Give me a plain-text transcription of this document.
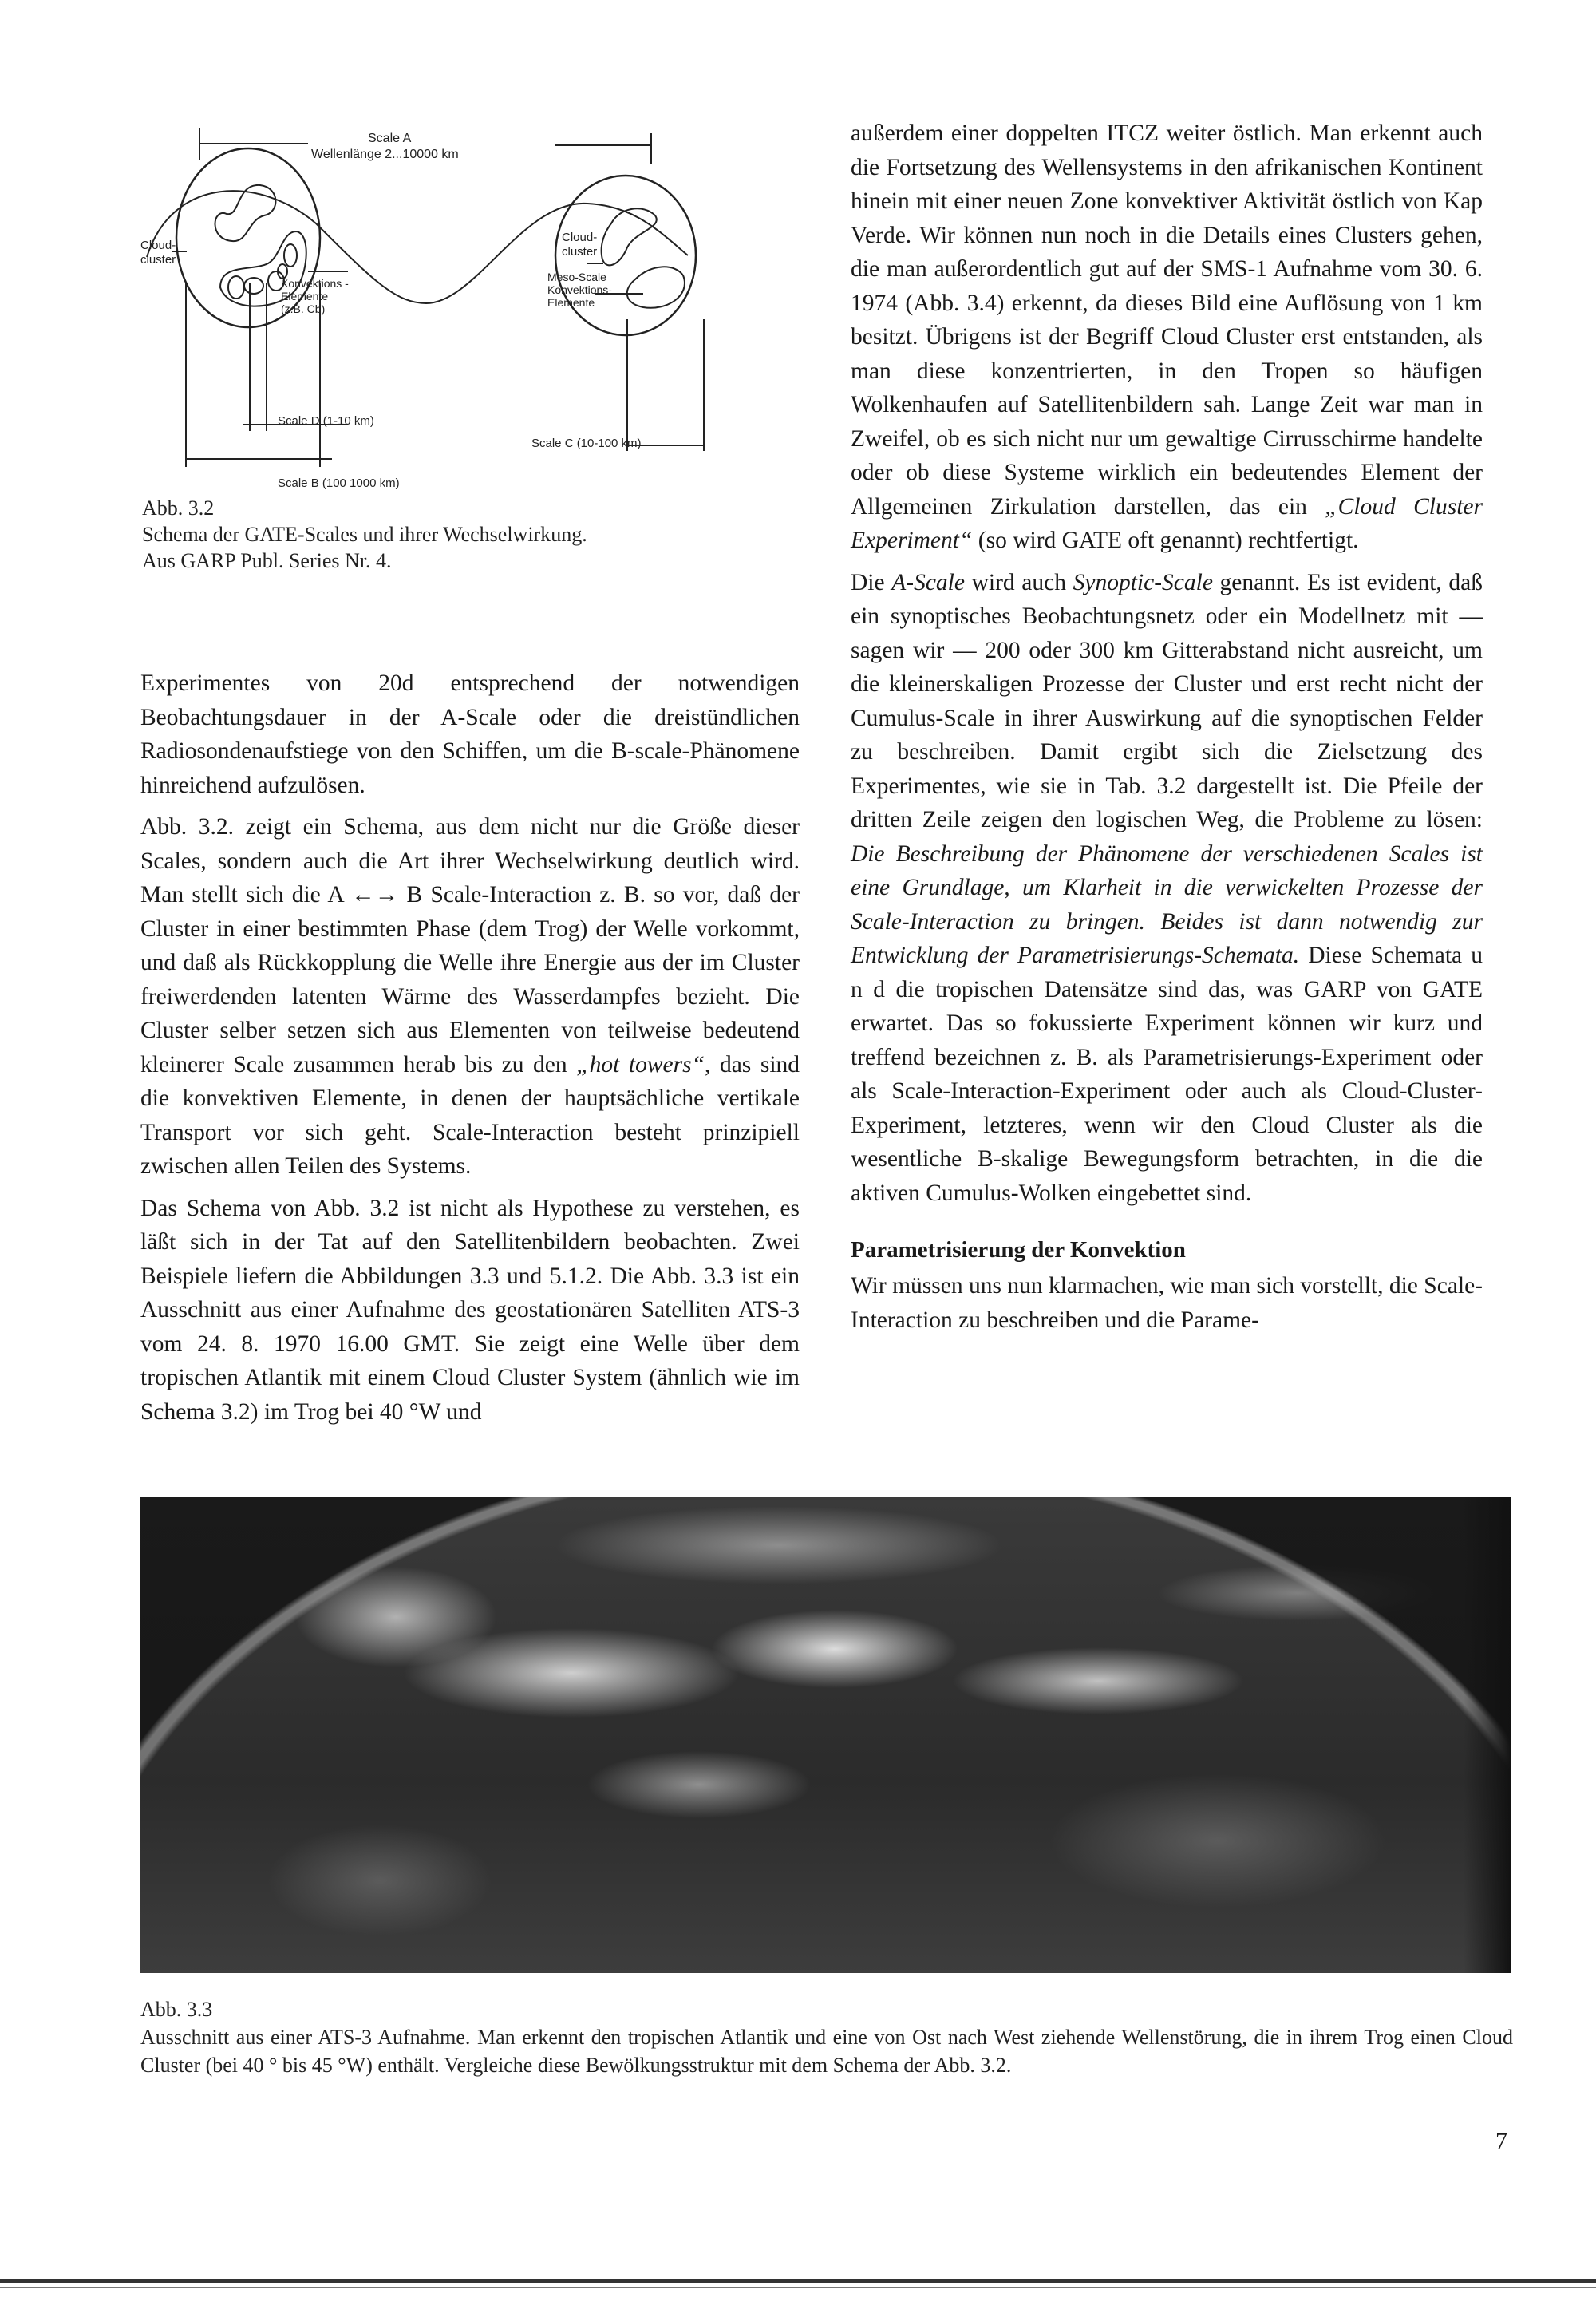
Scale A
Wellenlänge 2...10000 km
Cloud-
cluster
Cloud-
cluster
Konvektions -
Elemente
(z.B. Cb)
Meso-Scale
Konvektions-
Elemente
Scale D (1-10 km)
Scale C (10-100 km)
Scale B (100 1000 km)
Abb. 3.2
Schema der GATE-Scales und ihrer Wechselwirkung.
Aus GARP Publ. Series Nr. 4.

Experimentes von 20d entsprechend der notwendigen Beobachtungsdauer in der A-Scale oder die dreistündlichen Radiosondenaufstiege von den Schiffen, um die B-scale-Phänomene hinreichend aufzulösen.

Abb. 3.2. zeigt ein Schema, aus dem nicht nur die Größe dieser Scales, sondern auch die Art ihrer Wechselwirkung deutlich wird. Man stellt sich die A ←→ B Scale-Interaction z. B. so vor, daß der Cluster in einer bestimmten Phase (dem Trog) der Welle vorkommt, und daß als Rückkopplung die Welle ihre Energie aus der im Cluster freiwerdenden latenten Wärme des Wasserdampfes bezieht. Die Cluster selber setzen sich aus Elementen von teilweise bedeutend kleinerer Scale zusammen herab bis zu den „hot towers“, das sind die konvektiven Elemente, in denen der hauptsächliche vertikale Transport vor sich geht. Scale-Interaction besteht prinzipiell zwischen allen Teilen des Systems.

Das Schema von Abb. 3.2 ist nicht als Hypothese zu verstehen, es läßt sich in der Tat auf den Satellitenbildern beobachten. Zwei Beispiele liefern die Abbildungen 3.3 und 5.1.2. Die Abb. 3.3 ist ein Ausschnitt aus einer Aufnahme des geostationären Satelliten ATS-3 vom 24. 8. 1970 16.00 GMT. Sie zeigt eine Welle über dem tropischen Atlantik mit einem Cloud Cluster System (ähnlich wie im Schema 3.2) im Trog bei 40 °W und

außerdem einer doppelten ITCZ weiter östlich. Man erkennt auch die Fortsetzung des Wellensystems in den afrikanischen Kontinent hinein mit einer neuen Zone konvektiver Aktivität östlich von Kap Verde. Wir können nun noch in die Details eines Clusters gehen, die man außerordentlich gut auf der SMS-1 Aufnahme vom 30. 6. 1974 (Abb. 3.4) erkennt, da dieses Bild eine Auflösung von 1 km besitzt. Übrigens ist der Begriff Cloud Cluster erst entstanden, als man diese konzentrierten, in den Tropen so häufigen Wolkenhaufen auf Satellitenbildern sah. Lange Zeit war man in Zweifel, ob es sich nicht nur um gewaltige Cirrusschirme handelte oder ob diese Systeme wirklich ein bedeutendes Element der Allgemeinen Zirkulation darstellen, das ein „Cloud Cluster Experiment“ (so wird GATE oft genannt) rechtfertigt.

Die A-Scale wird auch Synoptic-Scale genannt. Es ist evident, daß ein synoptisches Beobachtungsnetz oder ein Modellnetz mit — sagen wir — 200 oder 300 km Gitterabstand nicht ausreicht, um die kleinerskaligen Prozesse der Cluster und erst recht nicht der Cumulus-Scale in ihrer Auswirkung auf die synoptischen Felder zu beschreiben. Damit ergibt sich die Zielsetzung des Experimentes, wie sie in Tab. 3.2 dargestellt ist. Die Pfeile der dritten Zeile zeigen den logischen Weg, die Probleme zu lösen: Die Beschreibung der Phänomene der verschiedenen Scales ist eine Grundlage, um Klarheit in die verwickelten Prozesse der Scale-Interaction zu bringen. Beides ist dann notwendig zur Entwicklung der Parametrisierungs-Schemata. Diese Schemata u n d die tropischen Datensätze sind das, was GARP von GATE erwartet. Das so fokussierte Experiment können wir kurz und treffend bezeichnen z. B. als Parametrisierungs-Experiment oder als Scale-Interaction-Experiment oder auch als Cloud-Cluster-Experiment, letzteres, wenn wir den Cloud Cluster als die wesentliche B-skalige Bewegungsform betrachten, in die die aktiven Cumulus-Wolken eingebettet sind.

Parametrisierung der Konvektion

Wir müssen uns nun klarmachen, wie man sich vorstellt, die Scale-Interaction zu beschreiben und die Parame-

Abb. 3.3
Ausschnitt aus einer ATS-3 Aufnahme. Man erkennt den tropischen Atlantik und eine von Ost nach West ziehende Wellenstörung, die in ihrem Trog einen Cloud Cluster (bei 40 ° bis 45 °W) enthält. Vergleiche diese Bewölkungsstruktur mit dem Schema der Abb. 3.2.
7
